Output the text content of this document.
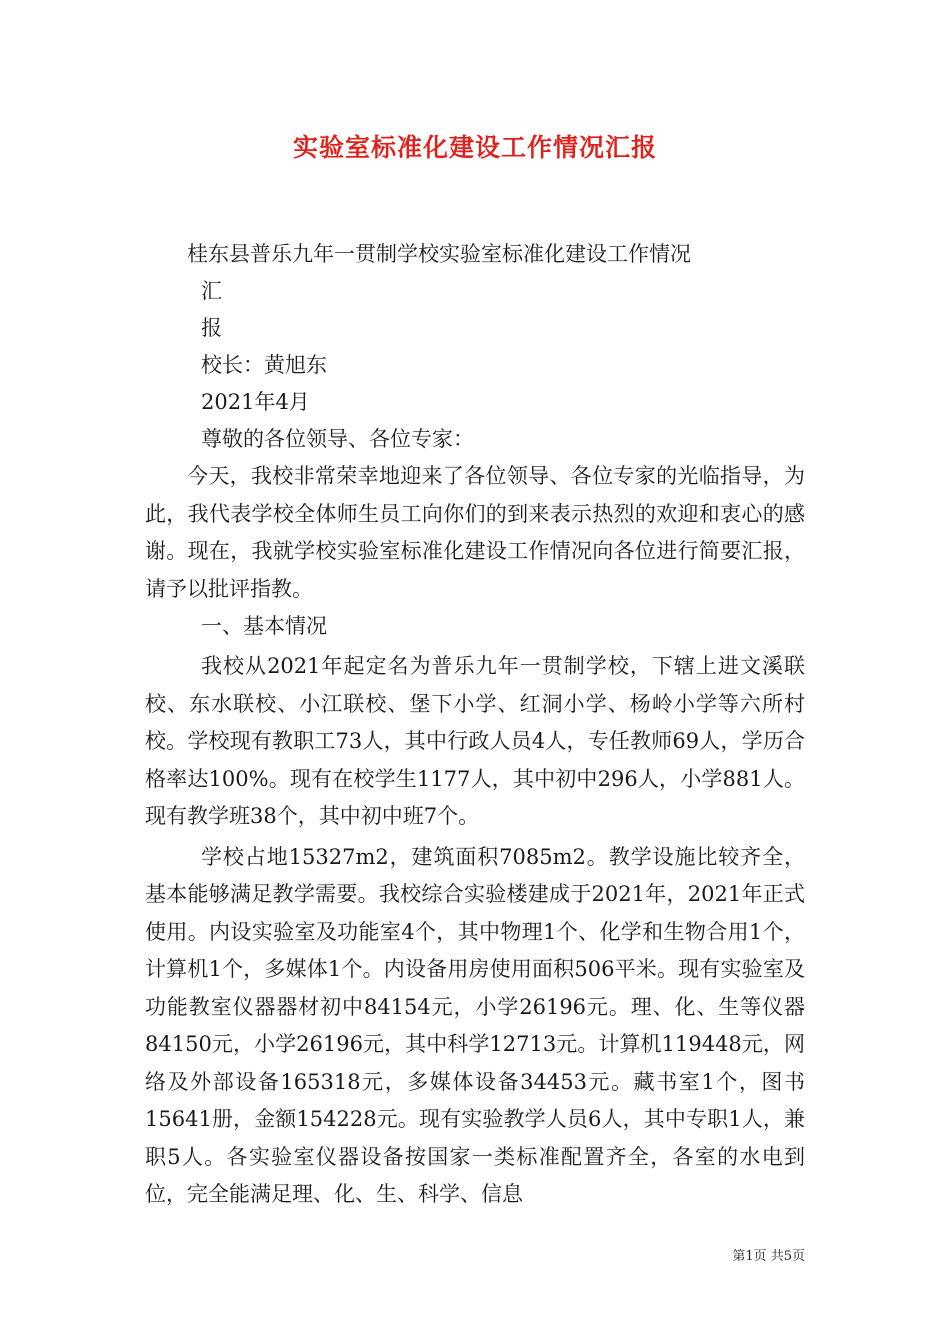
实验室标准化建设工作情况汇报

桂东县普乐九年一贯制学校实验室标准化建设工作情况

汇

报

校长：黄旭东

2021年4月

尊敬的各位领导、各位专家：

今天，我校非常荣幸地迎来了各位领导、各位专家的光临指导，为此，我代表学校全体师生员工向你们的到来表示热烈的欢迎和衷心的感谢。现在，我就学校实验室标准化建设工作情况向各位进行简要汇报，请予以批评指教。

一、基本情况

我校从2021年起定名为普乐九年一贯制学校，下辖上进文溪联校、东水联校、小江联校、堡下小学、红洞小学、杨岭小学等六所村校。学校现有教职工73人，其中行政人员4人，专任教师69人，学历合格率达100%。现有在校学生1177人，其中初中296人，小学881人。现有教学班38个，其中初中班7个。

学校占地15327m2，建筑面积7085m2。教学设施比较齐全，基本能够满足教学需要。我校综合实验楼建成于2021年，2021年正式使用。内设实验室及功能室4个，其中物理1个、化学和生物合用1个，计算机1个，多媒体1个。内设备用房使用面积506平米。现有实验室及功能教室仪器器材初中84154元，小学26196元。理、化、生等仪器84150元，小学26196元，其中科学12713元。计算机119448元，网络及外部设备165318元，多媒体设备34453元。藏书室1个，图书15641册，金额154228元。现有实验教学人员6人，其中专职1人，兼职5人。各实验室仪器设备按国家一类标准配置齐全，各室的水电到位，完全能满足理、化、生、科学、信息

第1页 共5页
